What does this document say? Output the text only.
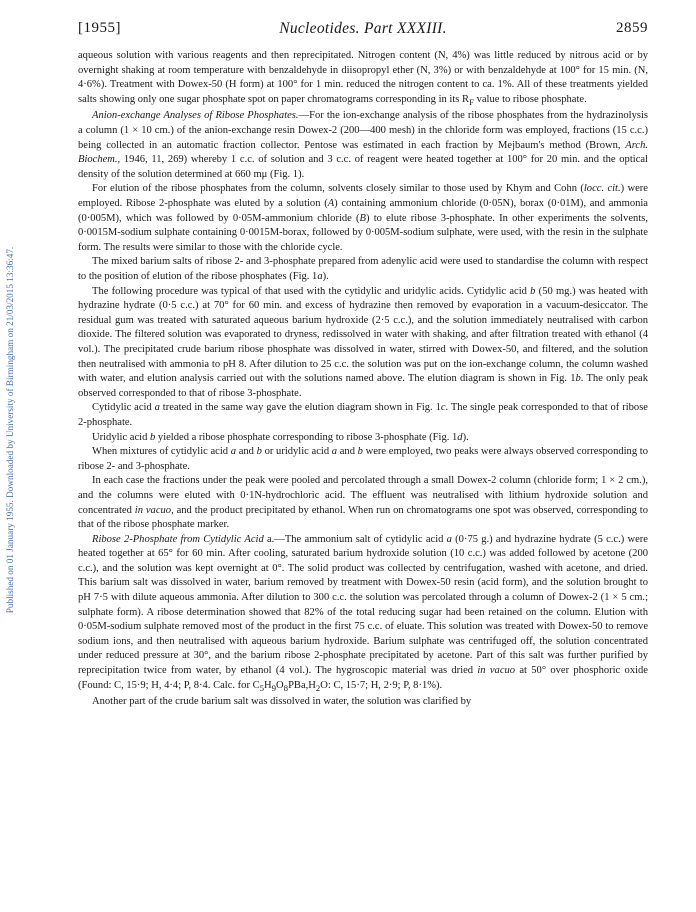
Published on 01 January 1955. Downloaded by University of Birmingham on 21/03/2015 13:36:47.
[1955]	Nucleotides. Part XXXIII.	2859

aqueous solution with various reagents and then reprecipitated. Nitrogen content (N, 4%) was little reduced by nitrous acid or by overnight shaking at room temperature with benzaldehyde in diisopropyl ether (N, 3%) or with benzaldehyde at 100° for 15 min. (N, 4·6%). Treatment with Dowex-50 (H form) at 100° for 1 min. reduced the nitrogen content to ca. 1%. All of these treatments yielded salts showing only one sugar phosphate spot on paper chromatograms corresponding in its $R_F$ value to ribose phosphate.

Anion-exchange Analyses of Ribose Phosphates.—For the ion-exchange analysis of the ribose phosphates from the hydrazinolysis a column (1 × 10 cm.) of the anion-exchange resin Dowex-2 (200—400 mesh) in the chloride form was employed, fractions (15 c.c.) being collected in an automatic fraction collector. Pentose was estimated in each fraction by Mejbaum's method (Brown, Arch. Biochem., 1946, 11, 269) whereby 1 c.c. of solution and 3 c.c. of reagent were heated together at 100° for 20 min. and the optical density of the solution determined at 660 mμ (Fig. 1).

For elution of the ribose phosphates from the column, solvents closely similar to those used by Khym and Cohn (locc. cit.) were employed. Ribose 2-phosphate was eluted by a solution (A) containing ammonium chloride (0·05N), borax (0·01M), and ammonia (0·005M), which was followed by 0·05M-ammonium chloride (B) to elute ribose 3-phosphate. In other experiments the solvents, 0·0015M-sodium sulphate containing 0·0015M-borax, followed by 0·005M-sodium sulphate, were used, with the resin in the sulphate form. The results were similar to those with the chloride cycle.

The mixed barium salts of ribose 2- and 3-phosphate prepared from adenylic acid were used to standardise the column with respect to the position of elution of the ribose phosphates (Fig. 1a).

The following procedure was typical of that used with the cytidylic and uridylic acids. Cytidylic acid b (50 mg.) was heated with hydrazine hydrate (0·5 c.c.) at 70° for 60 min. and excess of hydrazine then removed by evaporation in a vacuum-desiccator. The residual gum was treated with saturated aqueous barium hydroxide (2·5 c.c.), and the solution immediately neutralised with carbon dioxide. The filtered solution was evaporated to dryness, redissolved in water with shaking, and after filtration treated with ethanol (4 vol.). The precipitated crude barium ribose phosphate was dissolved in water, stirred with Dowex-50, and filtered, and the solution then neutralised with ammonia to pH 8. After dilution to 25 c.c. the solution was put on the ion-exchange column, the column washed with water, and elution analysis carried out with the solutions named above. The elution diagram is shown in Fig. 1b. The only peak observed corresponded to that of ribose 3-phosphate.

Cytidylic acid a treated in the same way gave the elution diagram shown in Fig. 1c. The single peak corresponded to that of ribose 2-phosphate.

Uridylic acid b yielded a ribose phosphate corresponding to ribose 3-phosphate (Fig. 1d).

When mixtures of cytidylic acid a and b or uridylic acid a and b were employed, two peaks were always observed corresponding to ribose 2- and 3-phosphate.

In each case the fractions under the peak were pooled and percolated through a small Dowex-2 column (chloride form; 1 × 2 cm.), and the columns were eluted with 0·1N-hydrochloric acid. The effluent was neutralised with lithium hydroxide solution and concentrated in vacuo, and the product precipitated by ethanol. When run on chromatograms one spot was observed, corresponding to that of the ribose phosphate marker.

Ribose 2-Phosphate from Cytidylic Acid a.—The ammonium salt of cytidylic acid a (0·75 g.) and hydrazine hydrate (5 c.c.) were heated together at 65° for 60 min. After cooling, saturated barium hydroxide solution (10 c.c.) was added followed by acetone (200 c.c.), and the solution was kept overnight at 0°. The solid product was collected by centrifugation, washed with acetone, and dried. This barium salt was dissolved in water, barium removed by treatment with Dowex-50 resin (acid form), and the solution brought to pH 7·5 with dilute aqueous ammonia. After dilution to 300 c.c. the solution was percolated through a column of Dowex-2 (1 × 5 cm.; sulphate form). A ribose determination showed that 82% of the total reducing sugar had been retained on the column. Elution with 0·05M-sodium sulphate removed most of the product in the first 75 c.c. of eluate. This solution was treated with Dowex-50 to remove sodium ions, and then neutralised with aqueous barium hydroxide. Barium sulphate was centrifuged off, the solution concentrated under reduced pressure at 30°, and the barium ribose 2-phosphate precipitated by acetone. Part of this salt was further purified by reprecipitation twice from water, by ethanol (4 vol.). The hygroscopic material was dried in vacuo at 50° over phosphoric oxide (Found: C, 15·9; H, 4·4; P, 8·4. Calc. for $C_5H_9O_8PBa,H_2O$: C, 15·7; H, 2·9; P, 8·1%).

Another part of the crude barium salt was dissolved in water, the solution was clarified by
